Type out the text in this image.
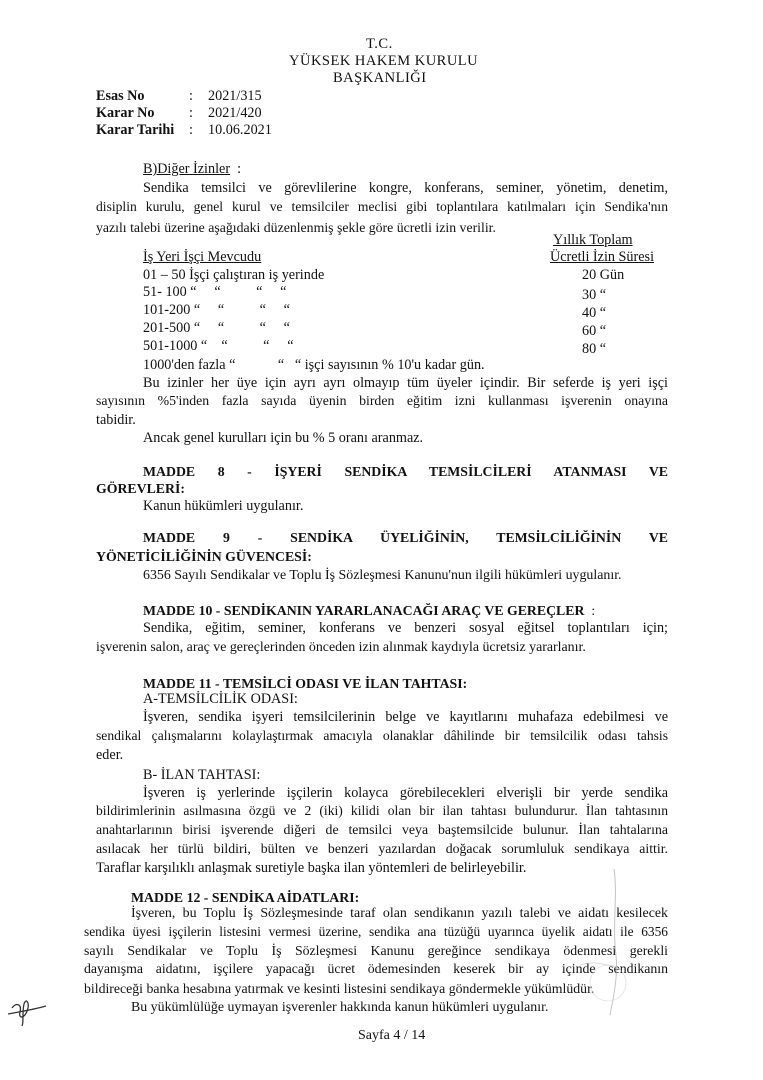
T.C.
YÜKSEK HAKEM KURULU
BAŞKANLIĞI
Esas No	: 2021/315
Karar No : 2021/420
Karar Tarihi : 10.06.2021
B)Diğer İzinler :
Sendika temsilci ve görevlilerine kongre, konferans, seminer, yönetim, denetim,
disiplin kurulu, genel kurul ve temsilciler meclisi gibi toplantılara katılmaları için Sendika'nın
yazılı talebi üzerine aşağıdaki düzenlenmiş şekle göre ücretli izin verilir.
Yıllık Toplam
İş Yeri İşçi Mevcudu	Ücretli İzin Süresi
01 – 50 İşçi çalıştıran iş yerinde	20 Gün
51- 100 “     “          “     “	30 “
101-200 “     “          “     “	40 “
201-500 “     “          “     “	60 “
501-1000 “    “          “     “	80 “
1000'den fazla “            “   “ işçi sayısının % 10'u kadar gün.
Bu izinler her üye için ayrı ayrı olmayıp tüm üyeler içindir. Bir seferde iş yeri işçi
sayısının %5'inden fazla sayıda üyenin birden eğitim izni kullanması işverenin onayına
tabidir.
Ancak genel kurulları için bu % 5 oranı aranmaz.
MADDE 8 - İŞYERİ SENDİKA TEMSİLCİLERİ ATANMASI VE
GÖREVLERİ:
Kanun hükümleri uygulanır.
MADDE 9 - SENDİKA ÜYELİĞİNİN, TEMSİLCİLİĞİNİN VE
YÖNETİCİLİĞİNİN GÜVENCESİ:
6356 Sayılı Sendikalar ve Toplu İş Sözleşmesi Kanunu'nun ilgili hükümleri uygulanır.
MADDE 10 - SENDİKANIN YARARLANACAĞI ARAÇ VE GEREÇLER :
Sendika, eğitim, seminer, konferans ve benzeri sosyal eğitsel toplantıları için;
işverenin salon, araç ve gereçlerinden önceden izin alınmak kaydıyla ücretsiz yararlanır.
MADDE 11 - TEMSİLCİ ODASI VE İLAN TAHTASI:
A-TEMSİLCİLİK ODASI:
İşveren, sendika işyeri temsilcilerinin belge ve kayıtlarını muhafaza edebilmesi ve
sendikal çalışmalarını kolaylaştırmak amacıyla olanaklar dâhilinde bir temsilcilik odası tahsis
eder.
B- İLAN TAHTASI:
İşveren iş yerlerinde işçilerin kolayca görebilecekleri elverişli bir yerde sendika
bildirimlerinin asılmasına özgü ve 2 (iki) kilidi olan bir ilan tahtası bulundurur. İlan tahtasının
anahtarlarının birisi işverende diğeri de temsilci veya baştemsilcide bulunur. İlan tahtalarına
asılacak her türlü bildiri, bülten ve benzeri yazılardan doğacak sorumluluk sendikaya aittir.
Taraflar karşılıklı anlaşmak suretiyle başka ilan yöntemleri de belirleyebilir.
MADDE 12 - SENDİKA AİDATLARI:
İşveren, bu Toplu İş Sözleşmesinde taraf olan sendikanın yazılı talebi ve aidatı kesilecek
sendika üyesi işçilerin listesini vermesi üzerine, sendika ana tüzüğü uyarınca üyelik aidatı ile 6356
sayılı Sendikalar ve Toplu İş Sözleşmesi Kanunu gereğince sendikaya ödenmesi gerekli
dayanışma aidatını, işçilere yapacağı ücret ödemesinden keserek bir ay içinde sendikanın
bildireceği banka hesabına yatırmak ve kesinti listesini sendikaya göndermekle yükümlüdür.
Bu yükümlülüğe uymayan işverenler hakkında kanun hükümleri uygulanır.
Sayfa 4 / 14
